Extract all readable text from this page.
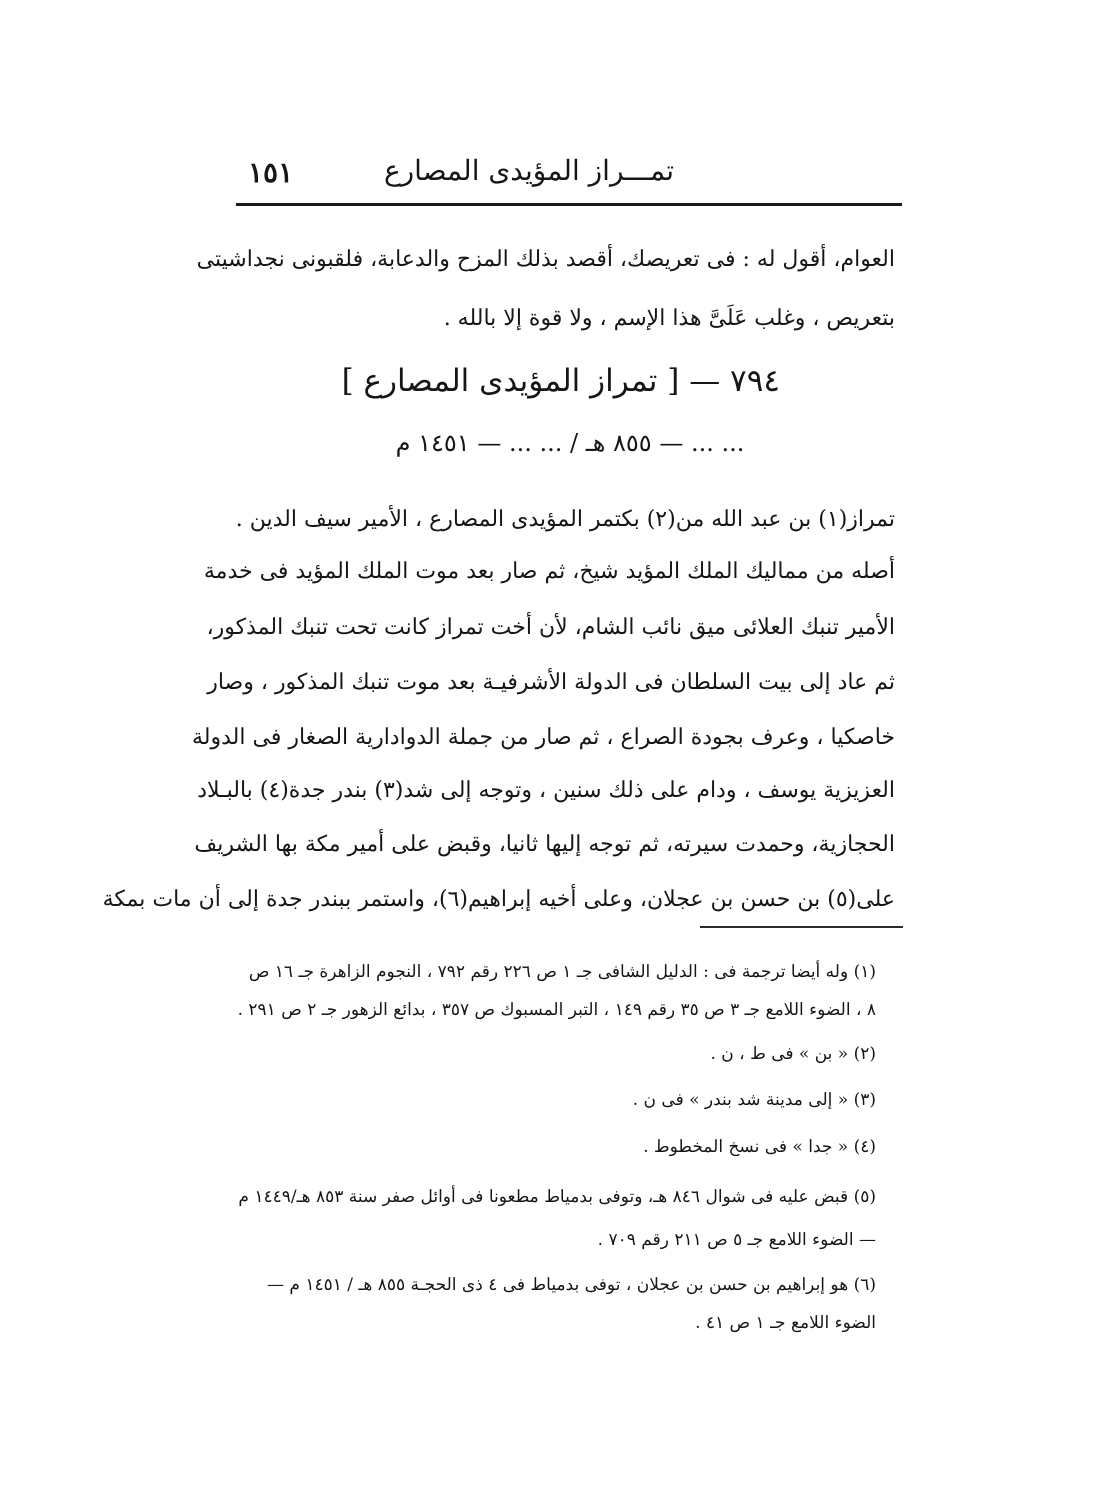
تمـــراز المؤيدى المصارع
١٥١
العوام، أقول له : فى تعريصك، أقصد بذلك المزح والدعابة، فلقبونى نجداشيتى
بتعريص ، وغلب عَلَىَّ هذا الإسم ، ولا قوة إلا بالله .
٧٩٤ — [ تمراز المؤيدى المصارع ]
... ... — ٨٥٥ هـ / ... ... — ١٤٥١ م
تمراز(١) بن عبد الله من(٢) بكتمر المؤيدى المصارع ، الأمير سيف الدين .
أصله من مماليك الملك المؤيد شيخ، ثم صار بعد موت الملك المؤيد فى خدمة
الأمير تنبك العلائى ميق نائب الشام، لأن أخت تمراز كانت تحت تنبك المذكور،
ثم عاد إلى بيت السلطان فى الدولة الأشرفيـة بعد موت تنبك المذكور ، وصار
خاصكيا ، وعرف بجودة الصراع ، ثم صار من جملة الدوادارية الصغار فى الدولة
العزيزية يوسف ، ودام على ذلك سنين ، وتوجه إلى شد(٣) بندر جدة(٤) بالبـلاد
الحجازية، وحمدت سيرته، ثم توجه إليها ثانيا، وقبض على أمير مكة بها الشريف
على(٥) بن حسن بن عجلان، وعلى أخيه إبراهيم(٦)، واستمر ببندر جدة إلى أن مات بمكة
(١) وله أيضا ترجمة فى : الدليل الشافى جـ ١ ص ٢٢٦ رقم ٧٩٢ ، النجوم الزاهرة جـ ١٦ ص
٨ ، الضوء اللامع جـ ٣ ص ٣٥ رقم ١٤٩ ، التبر المسبوك ص ٣٥٧ ، بدائع الزهور جـ ٢ ص ٢٩١ .
(٢) « بن » فى ط ، ن .
(٣) « إلى مدينة شد بندر » فى ن .
(٤) « جدا » فى نسخ المخطوط .
(٥) قبض عليه فى شوال ٨٤٦ هـ، وتوفى بدمياط مطعونا فى أوائل صفر سنة ٨٥٣ هـ/١٤٤٩ م
— الضوء اللامع جـ ٥ ص ٢١١ رقم ٧٠٩ .
(٦) هو إبراهيم بن حسن بن عجلان ، توفى بدمياط فى ٤ ذى الحجـة ٨٥٥ هـ / ١٤٥١ م —
الضوء اللامع جـ ١ ص ٤١ .
